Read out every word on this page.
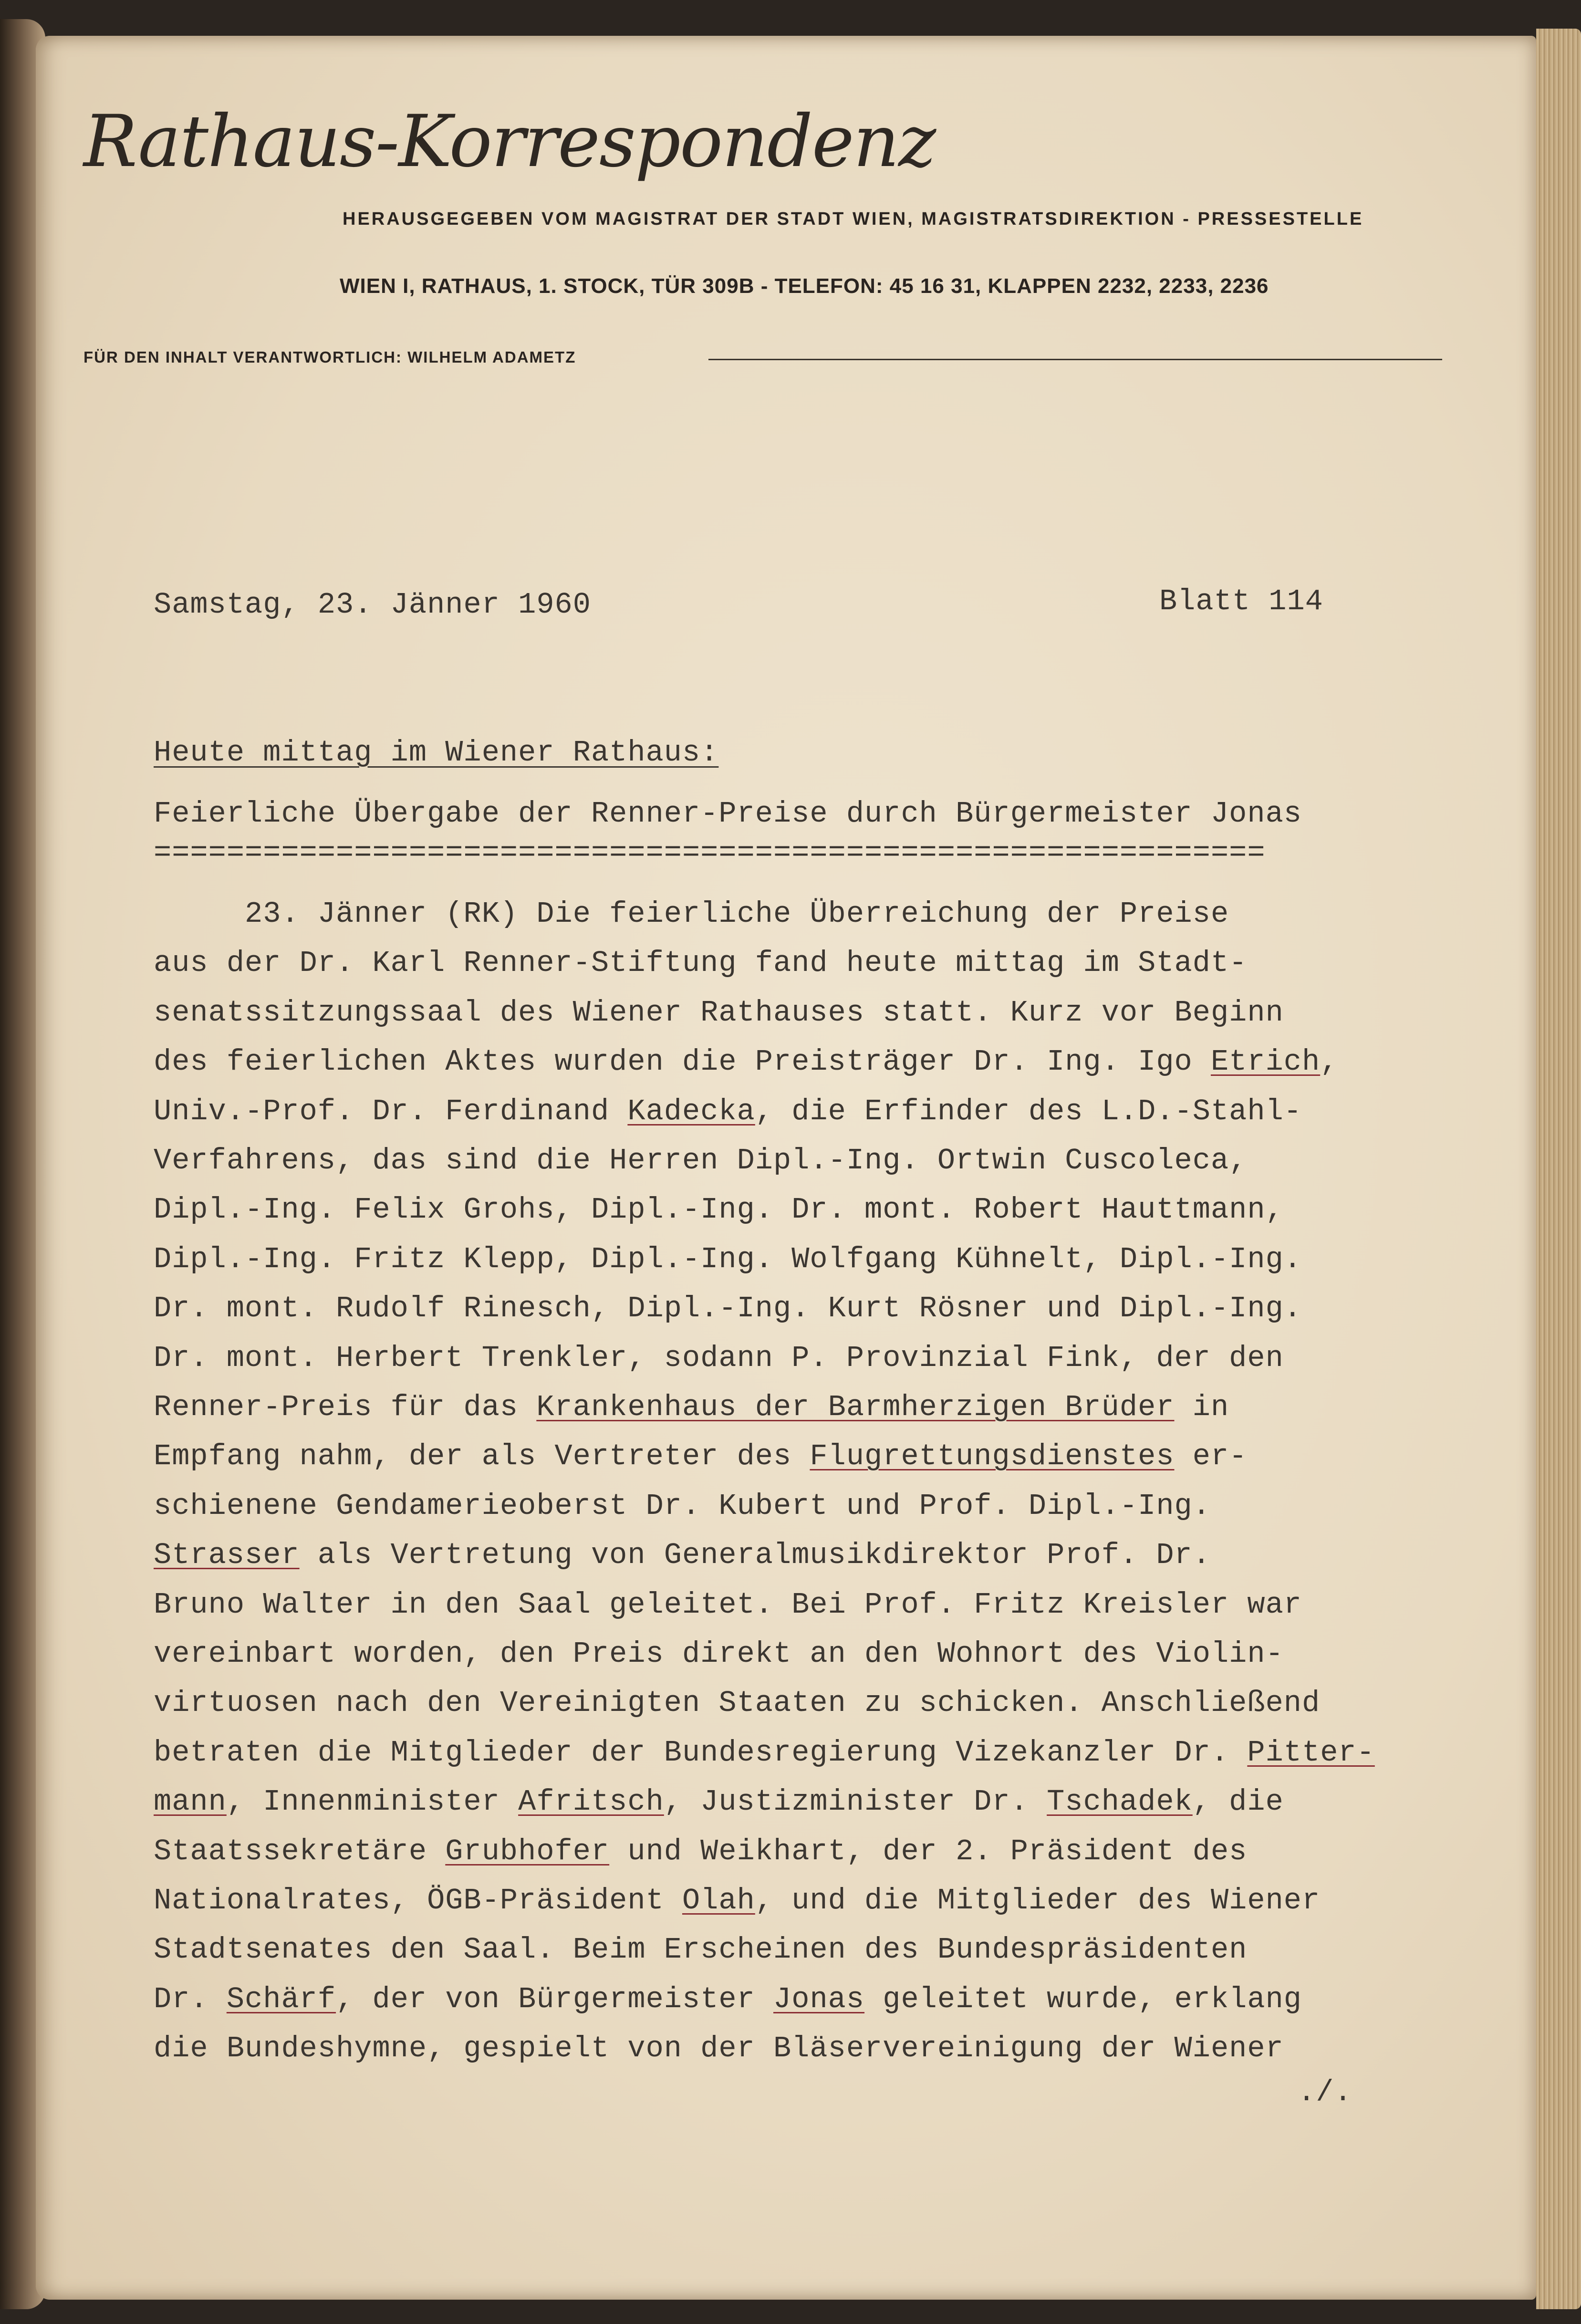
Rathaus-Korrespondenz
HERAUSGEGEBEN VOM MAGISTRAT DER STADT WIEN, MAGISTRATSDIREKTION - PRESSESTELLE
WIEN I, RATHAUS, 1. STOCK, TÜR 309B - TELEFON: 45 16 31, KLAPPEN 2232, 2233, 2236
FÜR DEN INHALT VERANTWORTLICH: WILHELM ADAMETZ
Samstag, 23. Jänner 1960	Blatt 114
Heute mittag im Wiener Rathaus:
Feierliche Übergabe der Renner-Preise durch Bürgermeister Jonas
=============================================================
23. Jänner (RK) Die feierliche Überreichung der Preise
aus der Dr. Karl Renner-Stiftung fand heute mittag im Stadt-
senatssitzungssaal des Wiener Rathauses statt. Kurz vor Beginn
des feierlichen Aktes wurden die Preisträger Dr. Ing. Igo Etrich,
Univ.-Prof. Dr. Ferdinand Kadecka, die Erfinder des L.D.-Stahl-
Verfahrens, das sind die Herren Dipl.-Ing. Ortwin Cuscoleca,
Dipl.-Ing. Felix Grohs, Dipl.-Ing. Dr. mont. Robert Hauttmann,
Dipl.-Ing. Fritz Klepp, Dipl.-Ing. Wolfgang Kühnelt, Dipl.-Ing.
Dr. mont. Rudolf Rinesch, Dipl.-Ing. Kurt Rösner und Dipl.-Ing.
Dr. mont. Herbert Trenkler, sodann P. Provinzial Fink, der den
Renner-Preis für das Krankenhaus der Barmherzigen Brüder in
Empfang nahm, der als Vertreter des Flugrettungsdienstes er-
schienene Gendamerieoberst Dr. Kubert und Prof. Dipl.-Ing.
Strasser als Vertretung von Generalmusikdirektor Prof. Dr.
Bruno Walter in den Saal geleitet. Bei Prof. Fritz Kreisler war
vereinbart worden, den Preis direkt an den Wohnort des Violin-
virtuosen nach den Vereinigten Staaten zu schicken. Anschließend
betraten die Mitglieder der Bundesregierung Vizekanzler Dr. Pitter-
mann, Innenminister Afritsch, Justizminister Dr. Tschadek, die
Staatssekretäre Grubhofer und Weikhart, der 2. Präsident des
Nationalrates, ÖGB-Präsident Olah, und die Mitglieder des Wiener
Stadtsenates den Saal. Beim Erscheinen des Bundespräsidenten
Dr. Schärf, der von Bürgermeister Jonas geleitet wurde, erklang
die Bundeshymne, gespielt von der Bläservereinigung der Wiener
./.
